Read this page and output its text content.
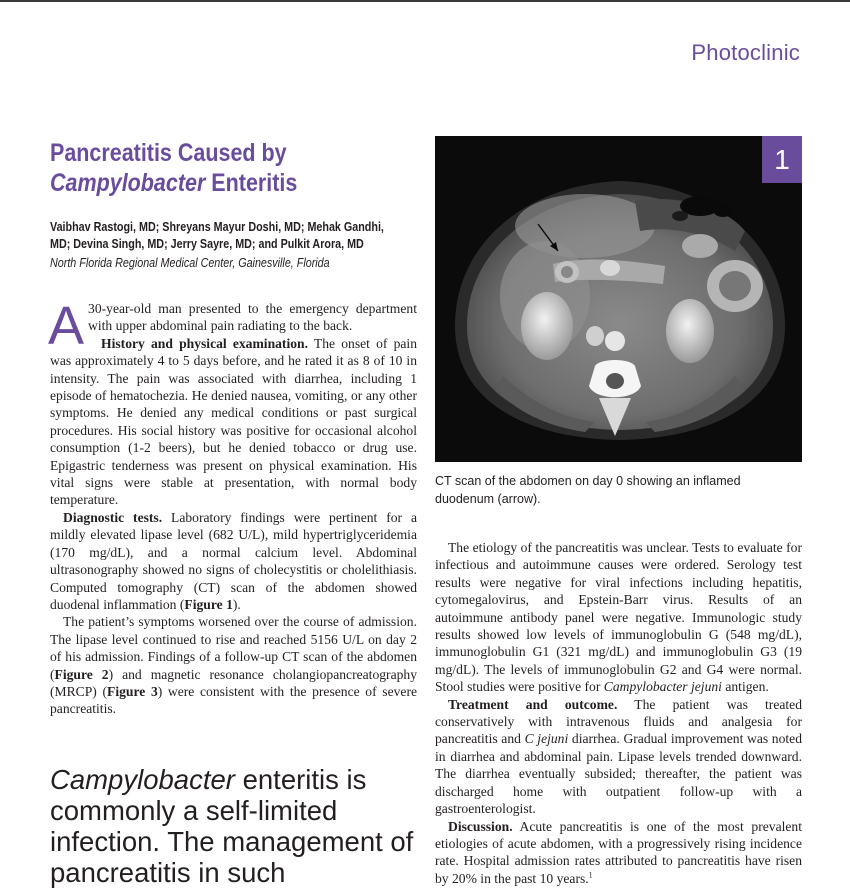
Photoclinic
Pancreatitis Caused by
Campylobacter Enteritis
Vaibhav Rastogi, MD; Shreyans Mayur Doshi, MD; Mehak Gandhi,
MD; Devina Singh, MD; Jerry Sayre, MD; and Pulkit Arora, MD
North Florida Regional Medical Center, Gainesville, Florida

A 30-year-old man presented to the emergency department with upper abdominal pain radiating to the back.

History and physical examination. The onset of pain was approximately 4 to 5 days before, and he rated it as 8 of 10 in intensity. The pain was associated with diarrhea, including 1 episode of hematochezia. He denied nausea, vomiting, or any other symptoms. He denied any medical conditions or past surgical procedures. His social history was positive for occasional alcohol consumption (1-2 beers), but he denied tobacco or drug use. Epigastric tenderness was present on physical examination. His vital signs were stable at presentation, with normal body temperature.

Diagnostic tests. Laboratory findings were pertinent for a mildly elevated lipase level (682 U/L), mild hypertriglyceridemia (170 mg/dL), and a normal calcium level. Abdominal ultrasonography showed no signs of cholecystitis or cholelithiasis. Computed tomography (CT) scan of the abdomen showed duodenal inflammation (Figure 1).

The patient’s symptoms worsened over the course of admission. The lipase level continued to rise and reached 5156 U/L on day 2 of his admission. Findings of a follow-up CT scan of the abdomen (Figure 2) and magnetic resonance cholangiopancreatography (MRCP) (Figure 3) were consistent with the presence of severe pancreatitis.

Campylobacter enteritis is commonly a self-limited infection. The management of pancreatitis in such
1
CT scan of the abdomen on day 0 showing an inflamed duodenum (arrow).

The etiology of the pancreatitis was unclear. Tests to evaluate for infectious and autoimmune causes were ordered. Serology test results were negative for viral infections including hepatitis, cytomegalovirus, and Epstein-Barr virus. Results of an autoimmune antibody panel were negative. Immunologic study results showed low levels of immunoglobulin G (548 mg/dL), immunoglobulin G1 (321 mg/dL) and immunoglobulin G3 (19 mg/dL). The levels of immunoglobulin G2 and G4 were normal. Stool studies were positive for Campylobacter jejuni antigen.

Treatment and outcome. The patient was treated conservatively with intravenous fluids and analgesia for pancreatitis and C jejuni diarrhea. Gradual improvement was noted in diarrhea and abdominal pain. Lipase levels trended downward. The diarrhea eventually subsided; thereafter, the patient was discharged home with outpatient follow-up with a gastroenterologist.

Discussion. Acute pancreatitis is one of the most prevalent etiologies of acute abdomen, with a progressively rising incidence rate. Hospital admission rates attributed to pancreatitis have risen by 20% in the past 10 years.$^1$
